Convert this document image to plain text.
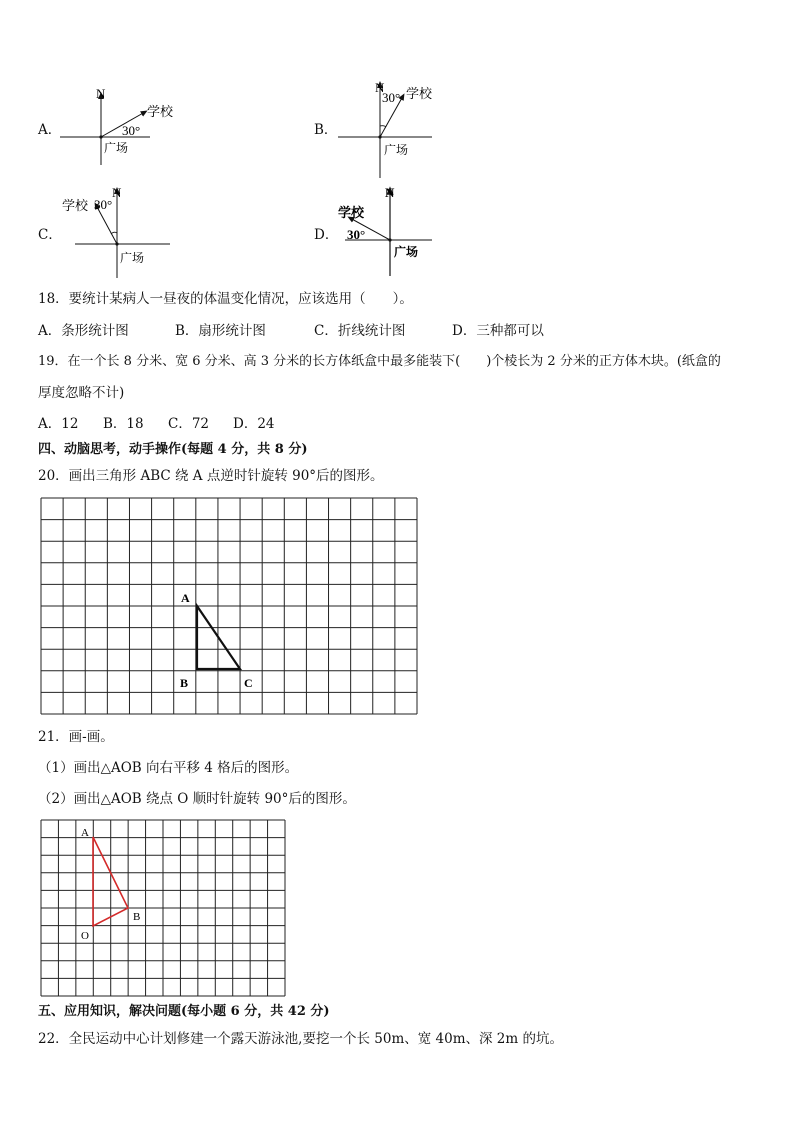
A．
N
学校
30°
广场
N
30° 学校
广场
N
学校 30°
广场
N
学校
30°
广场
B．
C．	D．
18．要统计某病人一昼夜的体温变化情况，应该选用（　　）。
A．条形统计图	B．扇形统计图	C．折线统计图	D．三种都可以
19．在一个长 8 分米、宽 6 分米、高 3 分米的长方体纸盒中最多能装下(　　)个棱长为 2 分米的正方体木块。(纸盒的
厚度忽略不计)
A．12 B．18 C．72 D．24
四、动脑思考，动手操作(每题 4 分，共 8 分)
20．画出三角形 ABC 绕 A 点逆时针旋转 90°后的图形。
A
B	C
21．画-画。
（1）画出△AOB 向右平移 4 格后的图形。
（2）画出△AOB 绕点 O 顺时针旋转 90°后的图形。
A
O
B
五、应用知识，解决问题(每小题 6 分，共 42 分)
22．全民运动中心计划修建一个露天游泳池,要挖一个长 50m、宽 40m、深 2m 的坑。
